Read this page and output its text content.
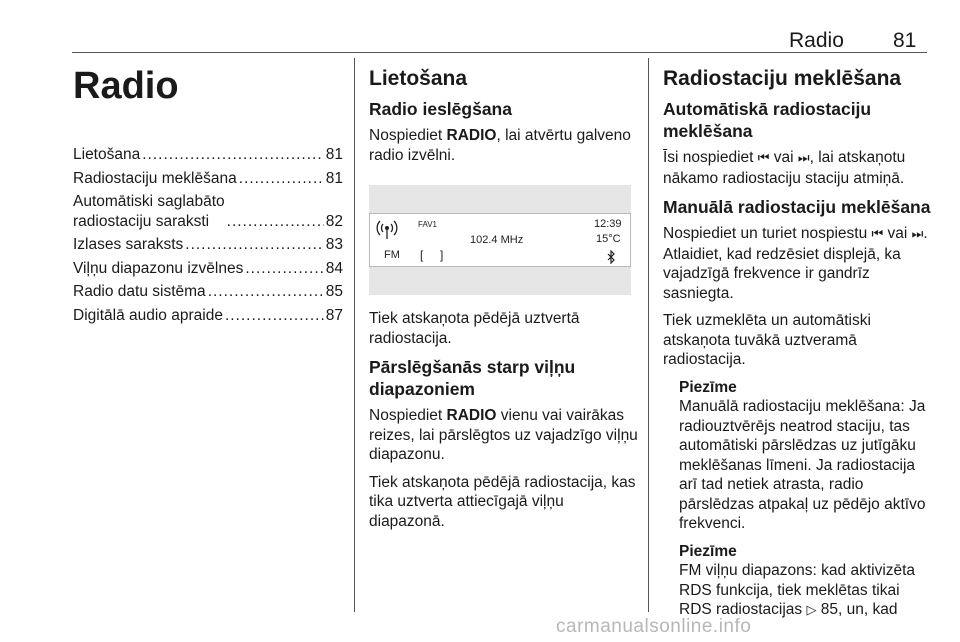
Radio 81
Radio
Lietošana .....	81
Radiostaciju meklēšana .....	81
Automātiski saglabāto
radiostaciju saraksti .....	82
Izlases saraksts .....	83
Viļņu diapazonu izvēlnes .....	84
Radio datu sistēma .....	85
Digitālā audio apraide .....	87
Lietošana
Radio ieslēgšana

Nospiediet RADIO, lai atvērtu galveno radio izvēlni.

FAV1
102.4 MHz
12:39
15°C
FM [ ]

Tiek atskaņota pēdējā uztvertā radiostacija.

Pārslēgšanās starp viļņu diapazoniem

Nospiediet RADIO vienu vai vairākas reizes, lai pārslēgtos uz vajadzīgo viļņu diapazonu.

Tiek atskaņota pēdējā radiostacija, kas tika uztverta attiecīgajā viļņu diapazonā.

Radiostaciju meklēšana
Automātiskā radiostaciju meklēšana

Īsi nospiediet ⏮ vai ⏭, lai atskaņotu nākamo radiostaciju staciju atmiņā.

Manuālā radiostaciju meklēšana

Nospiediet un turiet nospiestu ⏮ vai ⏭. Atlaidiet, kad redzēsiet displejā, ka vajadzīgā frekvence ir gandrīz sasniegta.

Tiek uzmeklēta un automātiski atskaņota tuvākā uztveramā radiostacija.

Piezīme

Manuālā radiostaciju meklēšana: Ja radiouztvērējs neatrod staciju, tas automātiski pārslēdzas uz jutīgāku meklēšanas līmeni. Ja radiostacija arī tad netiek atrasta, radio pārslēdzas atpakaļ uz pēdējo aktīvo frekvenci.

Piezīme

FM viļņu diapazons: kad aktivizēta RDS funkcija, tiek meklētas tikai RDS radiostacijas ▷ 85, un, kad

carmanualsonline.info
